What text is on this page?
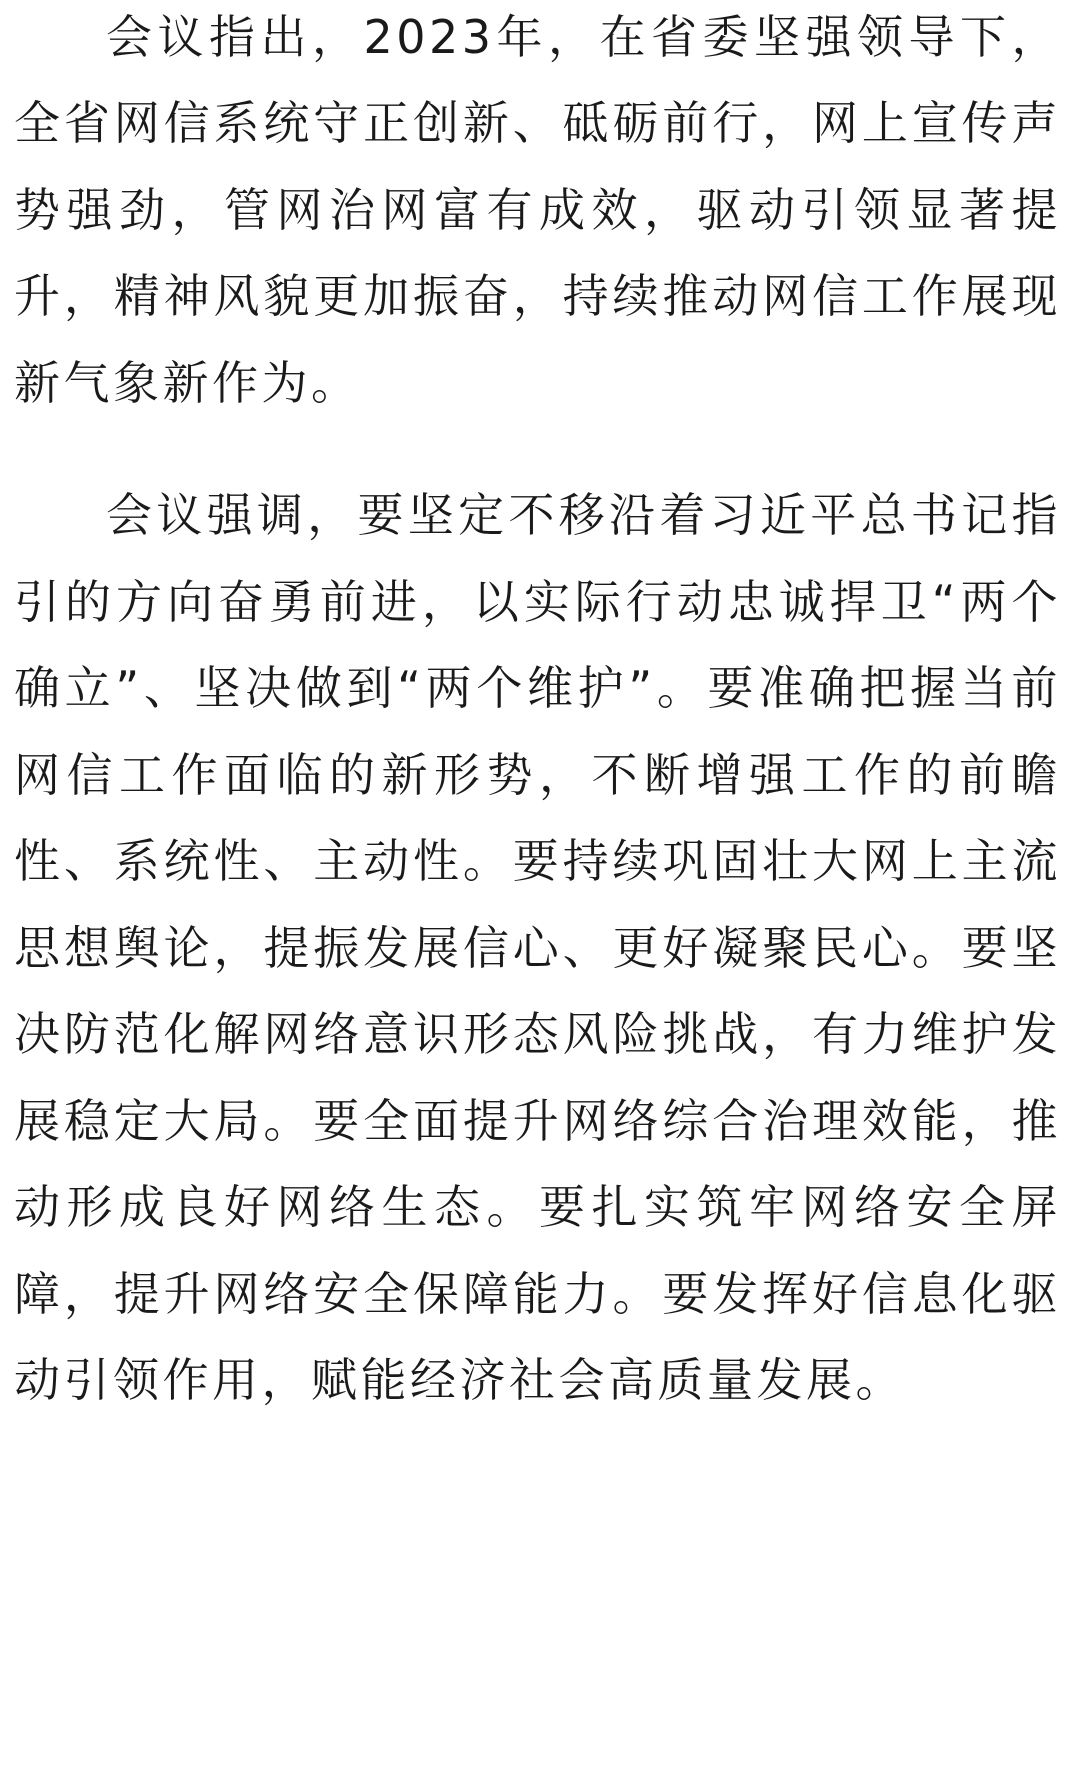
会议指出，2023年，在省委坚强领导下，全省网信系统守正创新、砥砺前行，网上宣传声势强劲，管网治网富有成效，驱动引领显著提升，精神风貌更加振奋，持续推动网信工作展现新气象新作为。

会议强调，要坚定不移沿着习近平总书记指引的方向奋勇前进，以实际行动忠诚捍卫“两个确立”、坚决做到“两个维护”。要准确把握当前网信工作面临的新形势，不断增强工作的前瞻性、系统性、主动性。要持续巩固壮大网上主流思想舆论，提振发展信心、更好凝聚民心。要坚决防范化解网络意识形态风险挑战，有力维护发展稳定大局。要全面提升网络综合治理效能，推动形成良好网络生态。要扎实筑牢网络安全屏障，提升网络安全保障能力。要发挥好信息化驱动引领作用，赋能经济社会高质量发展。
